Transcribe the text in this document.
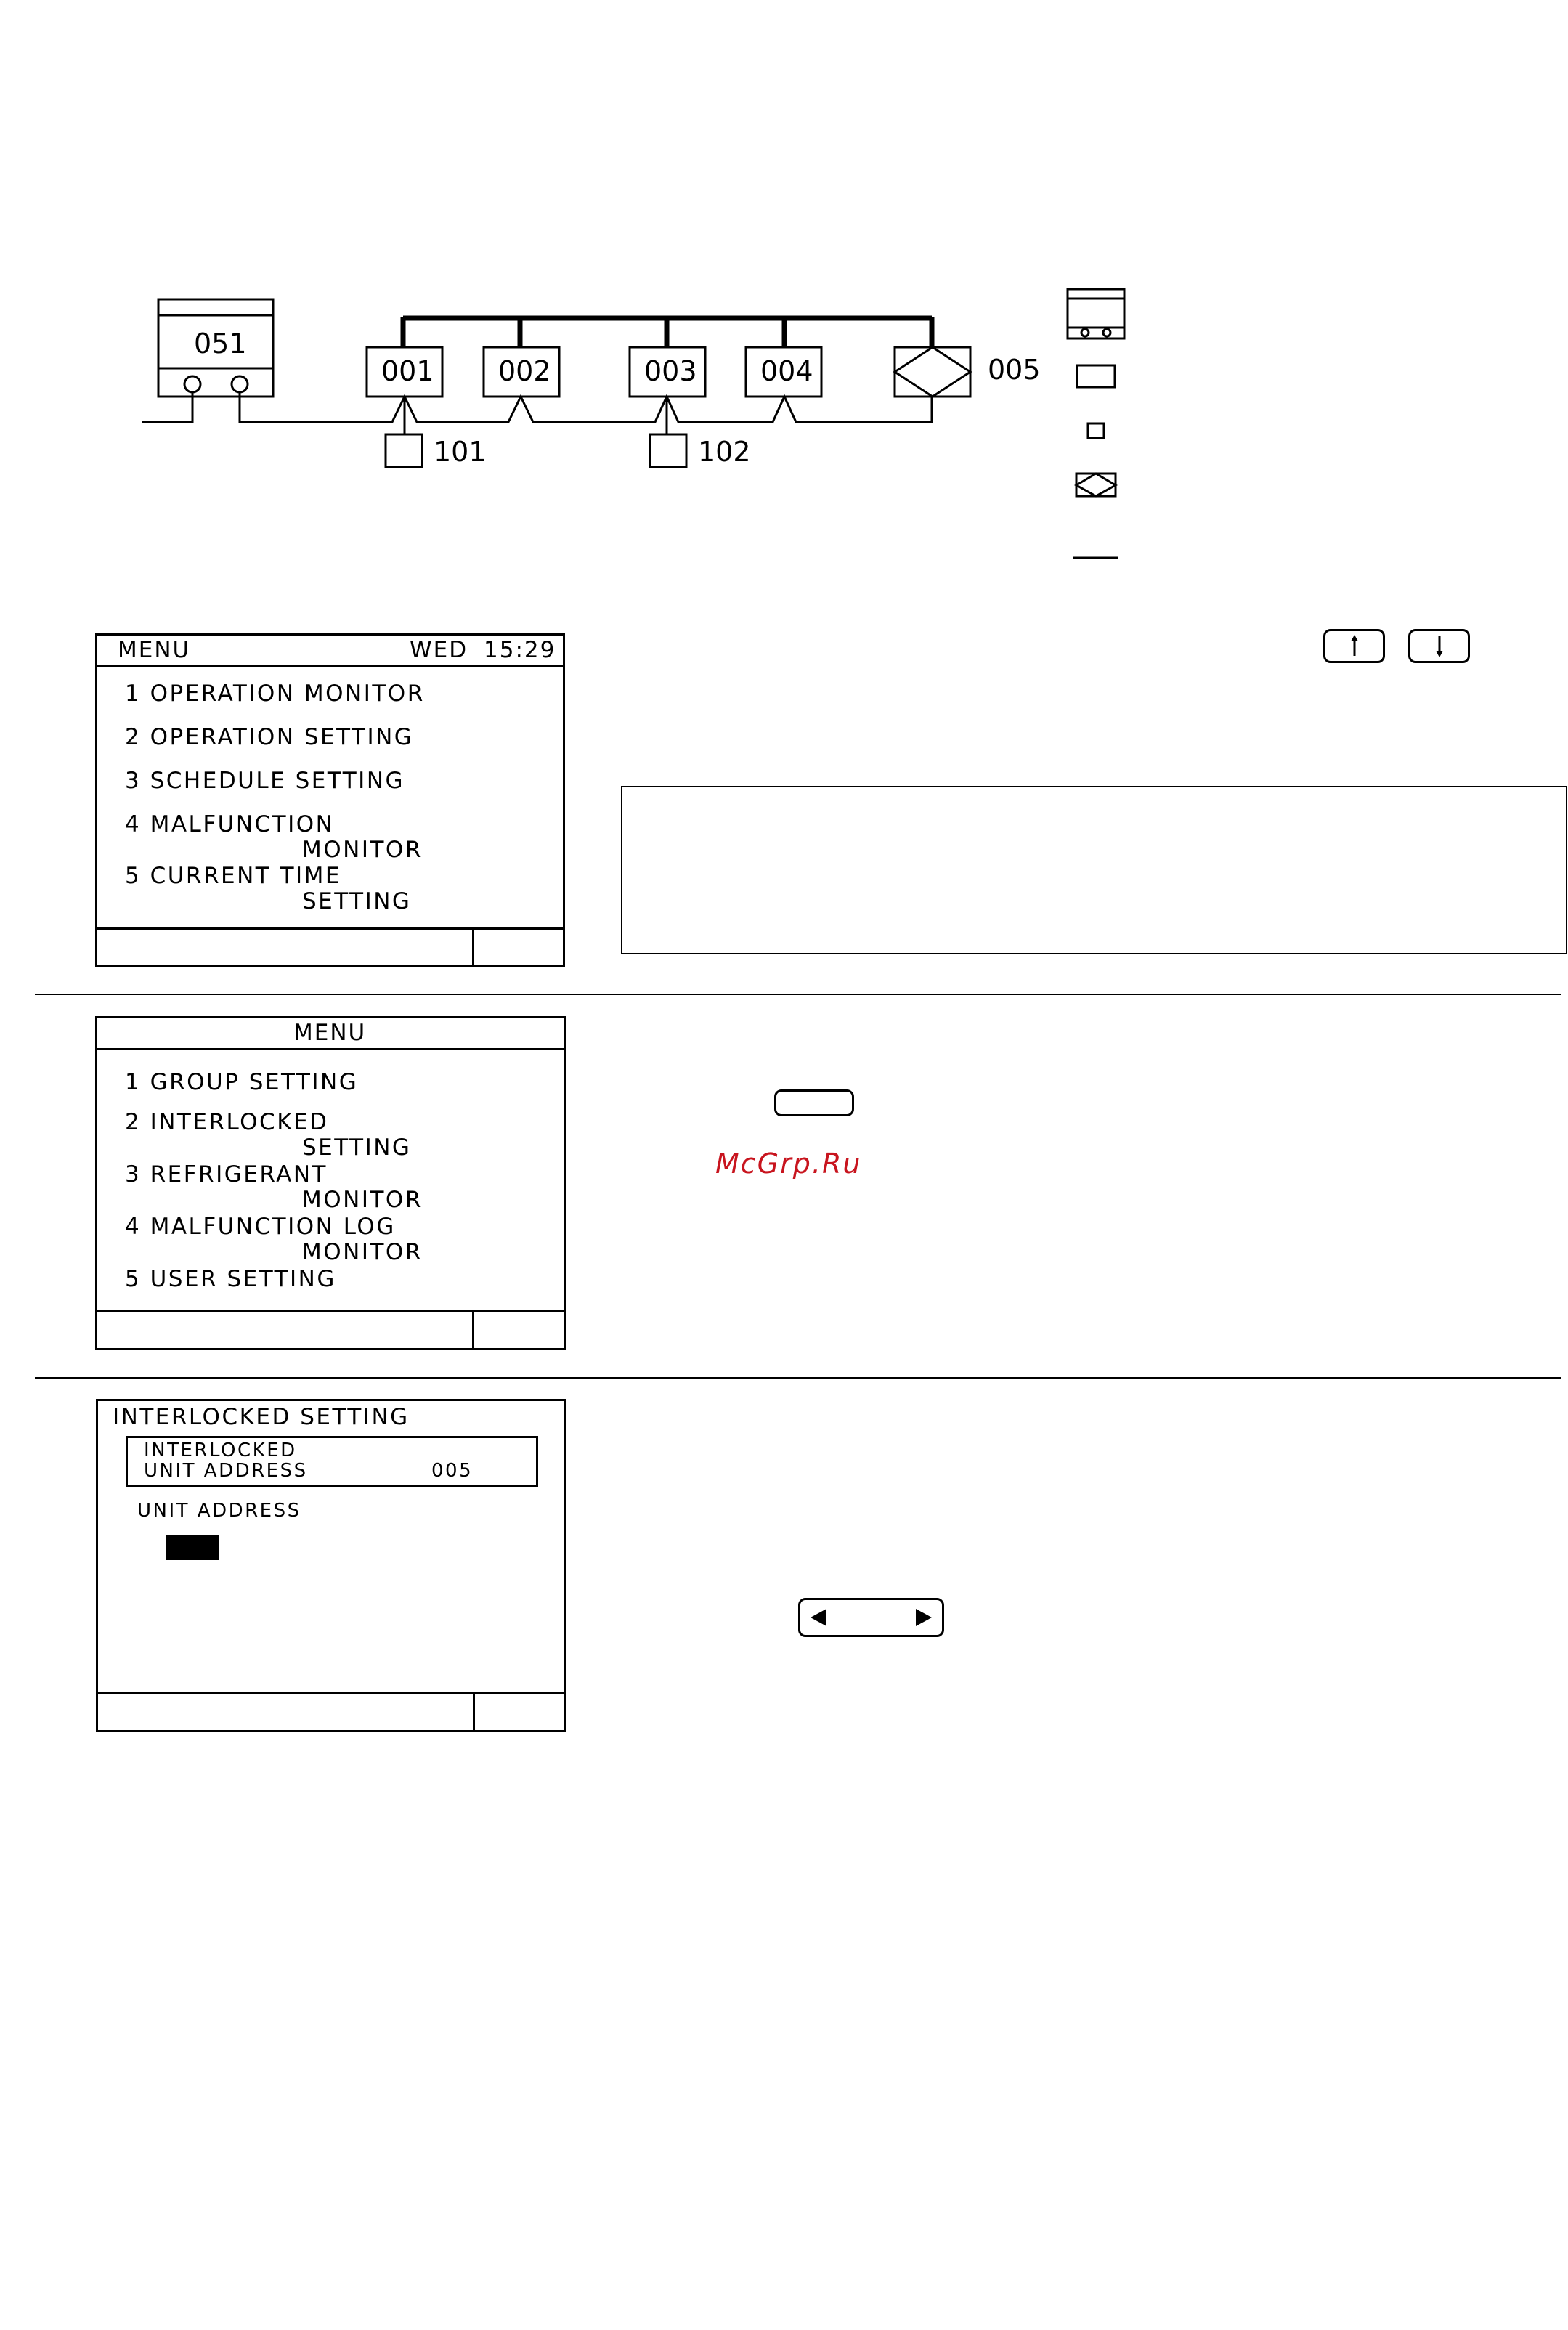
051
001 002	003 004	005
101	102
MENU	WED 15:29
1 OPERATION MONITOR
2 OPERATION SETTING
3 SCHEDULE SETTING
4 MALFUNCTION
MONITOR
5 CURRENT TIME
SETTING
MENU
1 GROUP SETTING
2 INTERLOCKED
SETTING
3 REFRIGERANT
MONITOR
4 MALFUNCTION LOG
MONITOR
5 USER SETTING
McGrp.Ru
INTERLOCKED SETTING
INTERLOCKED
UNIT ADDRESS	005
UNIT ADDRESS
